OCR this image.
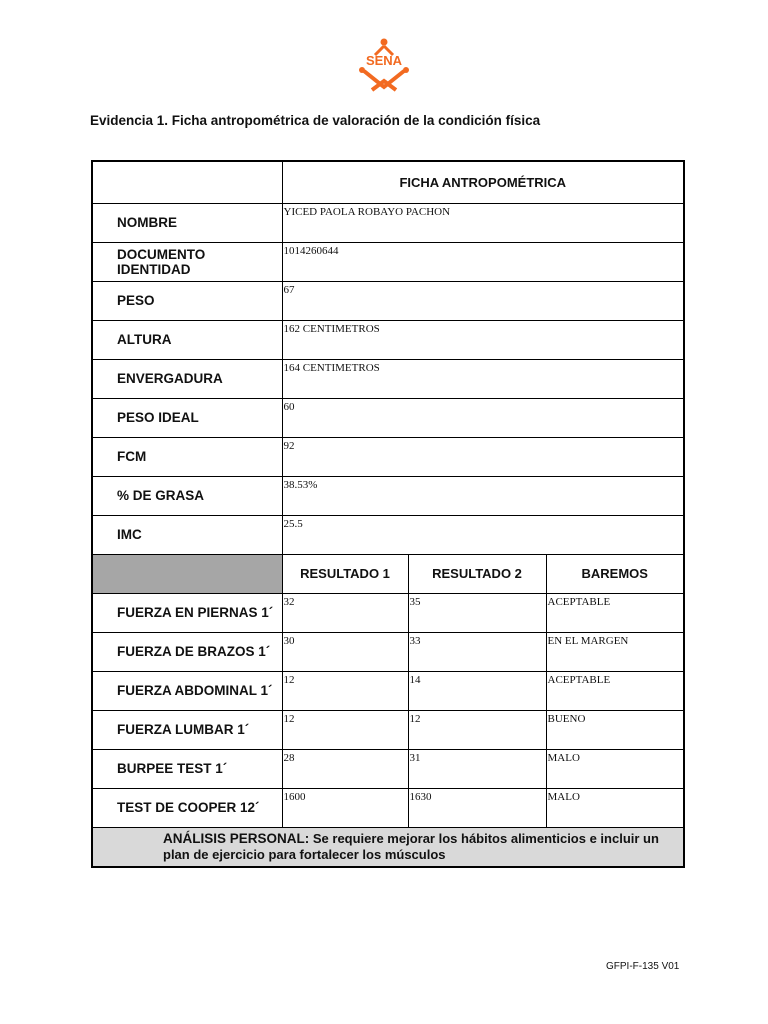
SENA
Evidencia 1. Ficha antropométrica de valoración de la condición física
	FICHA ANTROPOMÉTRICA		
NOMBRE	YICED PAOLA ROBAYO PACHON		
DOCUMENTO IDENTIDAD	1014260644		
PESO	67		
ALTURA	162 CENTIMETROS		
ENVERGADURA	164 CENTIMETROS		
PESO IDEAL	60		
FCM	92		
% DE GRASA	38.53%		
IMC	25.5		
	RESULTADO 1	RESULTADO 2	BAREMOS
FUERZA EN PIERNAS 1´	32	35	ACEPTABLE
FUERZA DE BRAZOS 1´	30	33	EN EL MARGEN
FUERZA ABDOMINAL 1´	12	14	ACEPTABLE
FUERZA LUMBAR 1´	12	12	BUENO
BURPEE TEST 1´	28	31	MALO
TEST DE COOPER 12´	1600	1630	MALO
ANÁLISIS PERSONAL: Se requiere mejorar los hábitos alimenticios e incluir un plan de ejercicio para fortalecer los músculos			
GFPI-F-135 V01
